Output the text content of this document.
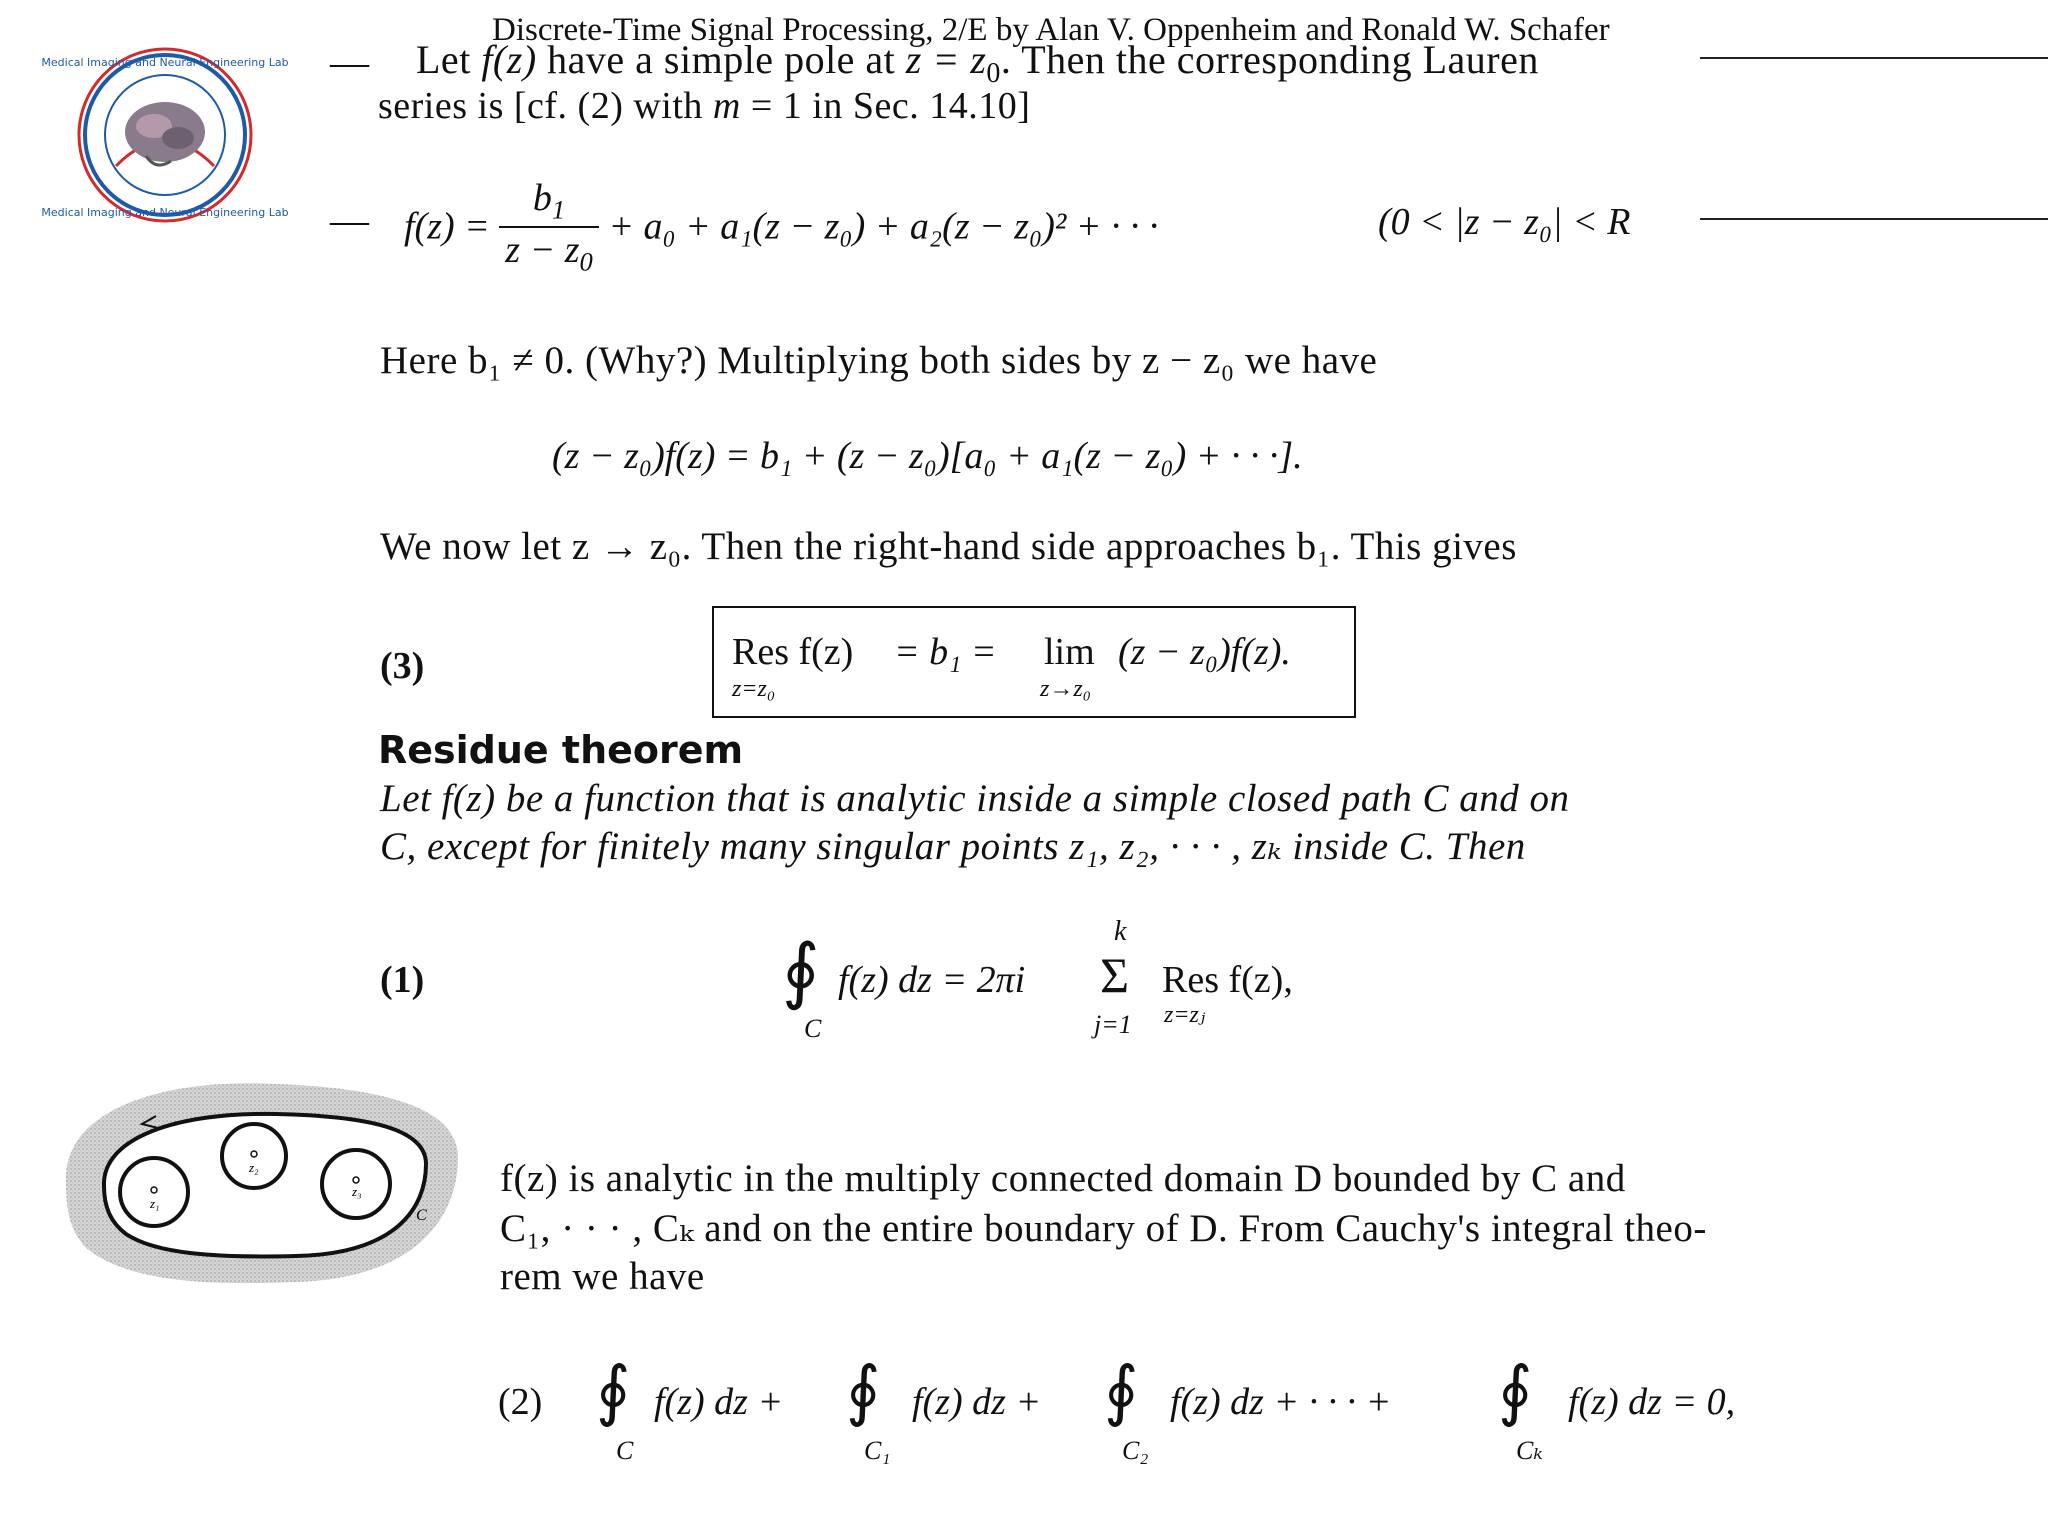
Discrete-Time Signal Processing, 2/E by Alan V. Oppenheim and Ronald W. Schafer
Medical Imaging and Neural Engineering Lab
Medical Imaging and Neural Engineering Lab
— Let f(z) have a simple pole at $z = z_0$. Then the corresponding Lauren
series is [cf. (2) with m = 1 in Sec. 14.10]
— $f(z) = \frac{b_1}{z - z_0} + a_0 + a_1(z - z_0) + a_2(z - z_0)^2$ + · · ·	(0 < |z − z₀| < R
Here b₁ ≠ 0. (Why?) Multiplying both sides by z − z₀ we have
(z − z₀)f(z) = b₁ + (z − z₀)[a₀ + a₁(z − z₀) + · · ·].
We now let z → z₀. Then the right-hand side approaches b₁. This gives
(3)	Res f(z)
z=z₀
= b₁ = lim
z→z₀
(z − z₀)f(z).
Residue theorem
Let f(z) be a function that is analytic inside a simple closed path C and on
C, except for finitely many singular points z₁, z₂, · · · , zₖ inside C. Then
(1)	∮
C
f(z) dz = 2πi
k
Σ
j=1
Res f(z),
z=zⱼ
z₁
z₂
z₃
C
f(z) is analytic in the multiply connected domain D bounded by C and
C₁, · · · , Cₖ and on the entire boundary of D. From Cauchy's integral theo-
rem we have
(2) ∮
C
f(z) dz + ∮
C₁
f(z) dz + ∮
C₂
f(z) dz + · · · + ∮
Cₖ
f(z) dz = 0,
